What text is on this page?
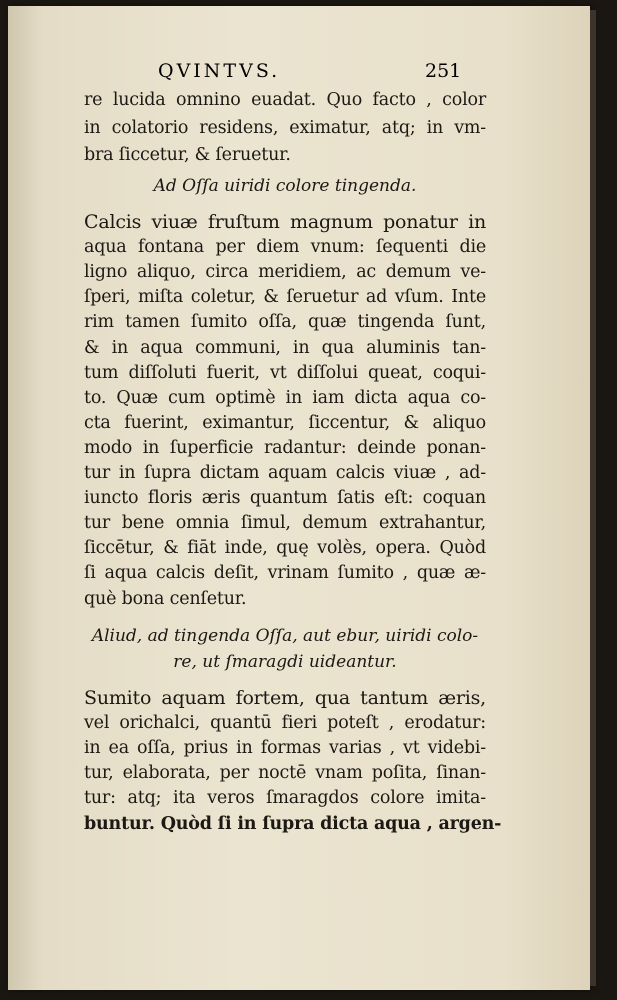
QVINTVS.	251
re lucida omnino euadat. Quo facto , color
in colatorio residens, eximatur, atq; in vm-
bra ſiccetur, & ſeruetur.
Ad Oſſa uiridi colore tingenda.
Calcis viuæ fruſtum magnum ponatur in
aqua fontana per diem vnum: ſequenti die
ligno aliquo, circa meridiem, ac demum ve-
ſperi, miſta coletur, & ſeruetur ad vſum. Inte
rim tamen ſumito oſſa, quæ tingenda ſunt,
& in aqua communi, in qua aluminis tan-
tum diſſoluti fuerit, vt diſſolui queat, coqui-
to. Quæ cum optimè in iam dicta aqua co-
cta fuerint, eximantur, ſiccentur, & aliquo
modo in ſuperficie radantur: deinde ponan-
tur in ſupra dictam aquam calcis viuæ , ad-
iuncto floris æris quantum ſatis eſt: coquan
tur bene omnia ſimul, demum extrahantur,
ſiccētur, & fiāt inde, quę volès, opera. Quòd
ſi aqua calcis deſit, vrinam ſumito , quæ æ-
què bona cenſetur.
Aliud, ad tingenda Oſſa, aut ebur, uiridi colo-
re, ut ſmaragdi uideantur.
Sumito aquam fortem, qua tantum æris,
vel orichalci, quantū fieri poteſt , erodatur:
in ea oſſa, prius in formas varias , vt videbi-
tur, elaborata, per noctē vnam poſita, ſinan-
tur: atq; ita veros ſmaragdos colore imita-
buntur. Quòd ſi in ſupra dicta aqua , argen-
